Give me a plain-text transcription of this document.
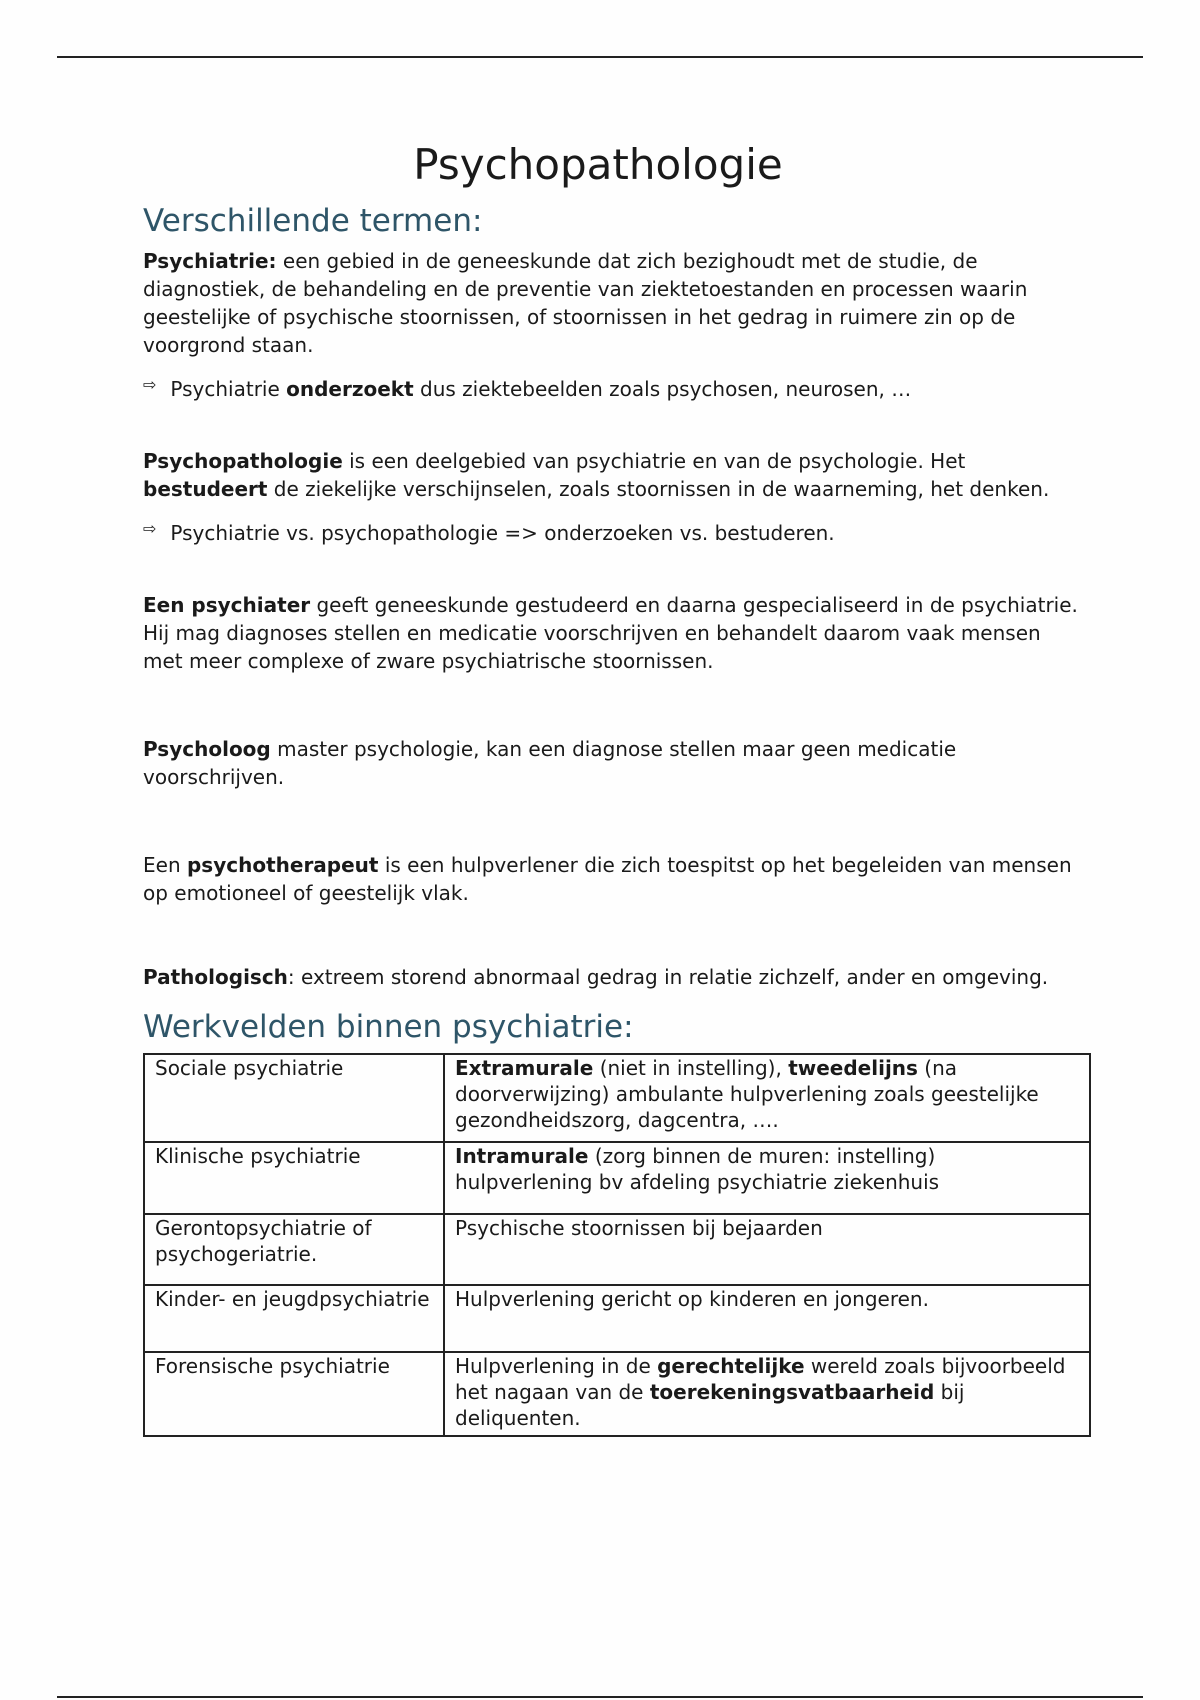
Psychopathologie
Verschillende termen:

Psychiatrie: een gebied in de geneeskunde dat zich bezighoudt met de studie, de diagnostiek, de behandeling en de preventie van ziektetoestanden en processen waarin geestelijke of psychische stoornissen, of stoornissen in het gedrag in ruimere zin op de voorgrond staan.

⇨ Psychiatrie onderzoekt dus ziektebeelden zoals psychosen, neurosen, …

Psychopathologie is een deelgebied van psychiatrie en van de psychologie. Het bestudeert de ziekelijke verschijnselen, zoals stoornissen in de waarneming, het denken.

⇨ Psychiatrie vs. psychopathologie => onderzoeken vs. bestuderen.

Een psychiater geeft geneeskunde gestudeerd en daarna gespecialiseerd in de psychiatrie. Hij mag diagnoses stellen en medicatie voorschrijven en behandelt daarom vaak mensen met meer complexe of zware psychiatrische stoornissen.

Psycholoog master psychologie, kan een diagnose stellen maar geen medicatie voorschrijven.

Een psychotherapeut is een hulpverlener die zich toespitst op het begeleiden van mensen op emotioneel of geestelijk vlak.

Pathologisch: extreem storend abnormaal gedrag in relatie zichzelf, ander en omgeving.

Werkvelden binnen psychiatrie:
Sociale psychiatrie	Extramurale (niet in instelling), tweedelijns (na doorverwijzing) ambulante hulpverlening zoals geestelijke gezondheidszorg, dagcentra, ….
Klinische psychiatrie	Intramurale (zorg binnen de muren: instelling) hulpverlening bv afdeling psychiatrie ziekenhuis
Gerontopsychiatrie of psychogeriatrie.	Psychische stoornissen bij bejaarden
Kinder- en jeugdpsychiatrie	Hulpverlening gericht op kinderen en jongeren.
Forensische psychiatrie	Hulpverlening in de gerechtelijke wereld zoals bijvoorbeeld het nagaan van de toerekeningsvatbaarheid bij deliquenten.
